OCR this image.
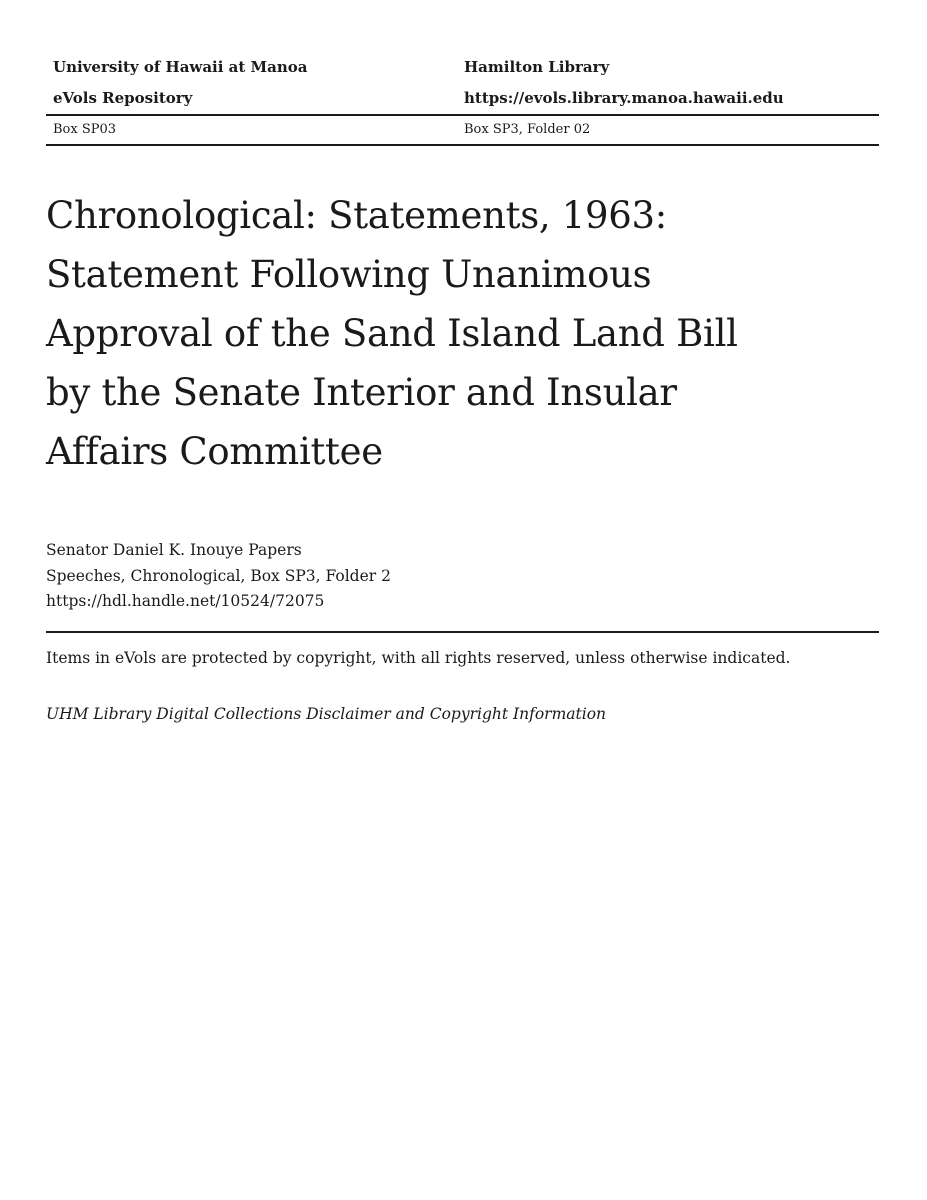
University of Hawaii at Manoa	Hamilton Library
eVols Repository	https://evols.library.manoa.hawaii.edu
Box SP03	Box SP3, Folder 02
Chronological: Statements, 1963:
Statement Following Unanimous
Approval of the Sand Island Land Bill
by the Senate Interior and Insular
Affairs Committee
Senator Daniel K. Inouye Papers
Speeches, Chronological, Box SP3, Folder 2
https://hdl.handle.net/10524/72075
Items in eVols are protected by copyright, with all rights reserved, unless otherwise indicated.
UHM Library Digital Collections Disclaimer and Copyright Information
